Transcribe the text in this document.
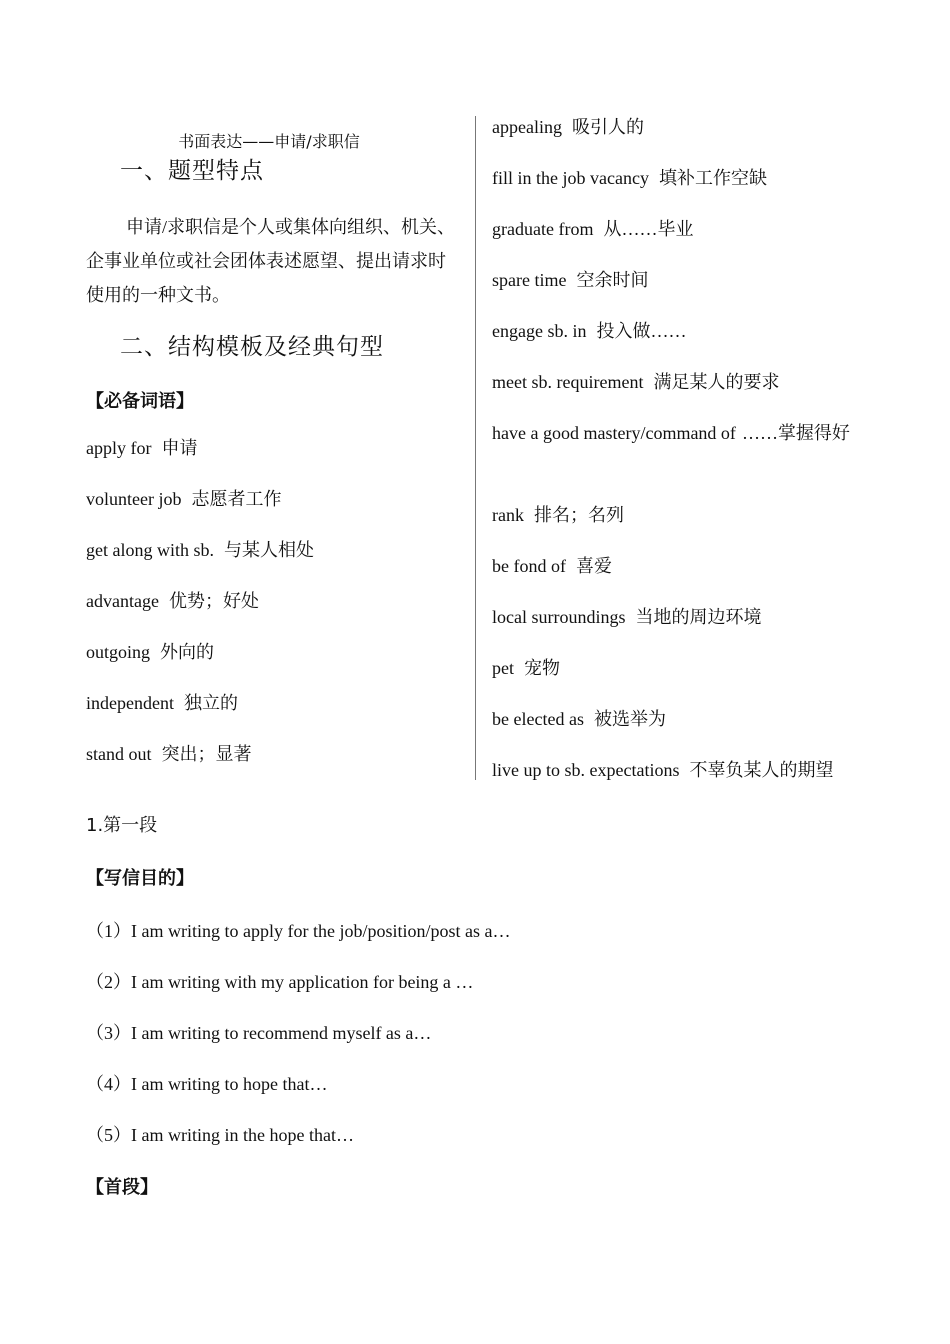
书面表达——申请/求职信
一、题型特点

申请/求职信是个人或集体向组织、机关、企事业单位或社会团体表述愿望、提出请求时使用的一种文书。

二、结构模板及经典句型
【必备词语】

apply for 申请

volunteer job 志愿者工作

get along with sb. 与某人相处

advantage 优势；好处

outgoing 外向的

independent 独立的

stand out 突出；显著

appealing 吸引人的

fill in the job vacancy 填补工作空缺

graduate from 从……毕业

spare time 空余时间

engage sb. in 投入做……

meet sb. requirement 满足某人的要求

have a good mastery/command of ……掌握得好

rank 排名；名列

be fond of 喜爱

local surroundings 当地的周边环境

pet 宠物

be elected as 被选举为

live up to sb. expectations 不辜负某人的期望

1.第一段
【写信目的】
（1）I am writing to apply for the job/position/post as a…
（2）I am writing with my application for being a …
（3）I am writing to recommend myself as a…
（4）I am writing to hope that…
（5）I am writing in the hope that…
【首段】
